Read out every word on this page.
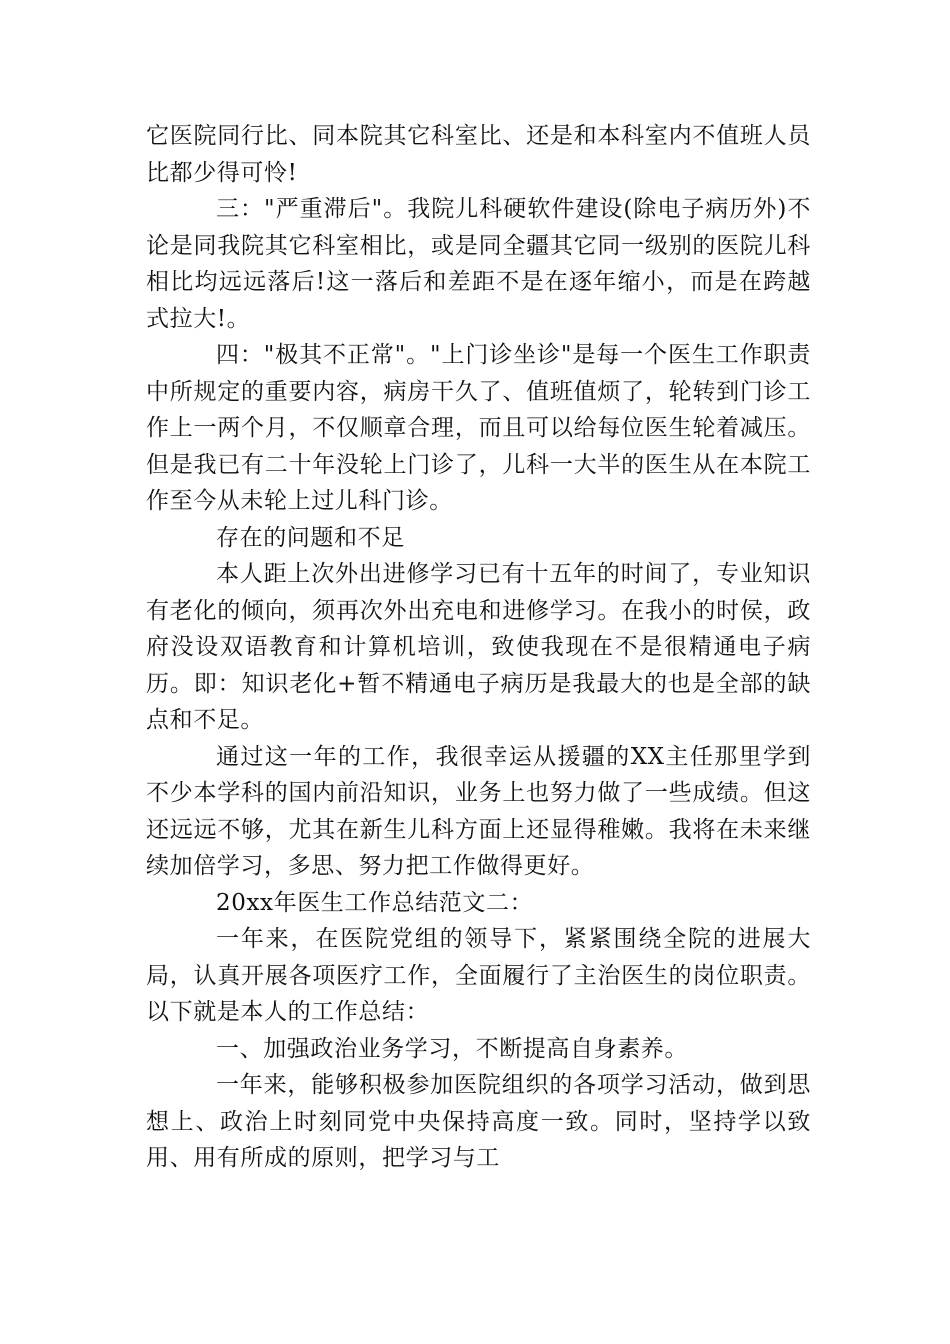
它医院同行比、同本院其它科室比、还是和本科室内不值班人员比都少得可怜!

三："严重滞后"。我院儿科硬软件建设(除电子病历外)不论是同我院其它科室相比，或是同全疆其它同一级别的医院儿科相比均远远落后!这一落后和差距不是在逐年缩小，而是在跨越式拉大!。

四："极其不正常"。"上门诊坐诊"是每一个医生工作职责中所规定的重要内容，病房干久了、值班值烦了，轮转到门诊工作上一两个月，不仅顺章合理，而且可以给每位医生轮着减压。但是我已有二十年没轮上门诊了，儿科一大半的医生从在本院工作至今从未轮上过儿科门诊。

存在的问题和不足

本人距上次外出进修学习已有十五年的时间了，专业知识有老化的倾向，须再次外出充电和进修学习。在我小的时侯，政府没设双语教育和计算机培训，致使我现在不是很精通电子病历。即：知识老化+暂不精通电子病历是我最大的也是全部的缺点和不足。

通过这一年的工作，我很幸运从援疆的XX主任那里学到不少本学科的国内前沿知识，业务上也努力做了一些成绩。但这还远远不够，尤其在新生儿科方面上还显得稚嫩。我将在未来继续加倍学习，多思、努力把工作做得更好。

20xx年医生工作总结范文二：

一年来，在医院党组的领导下，紧紧围绕全院的进展大局，认真开展各项医疗工作，全面履行了主治医生的岗位职责。以下就是本人的工作总结：

一、加强政治业务学习，不断提高自身素养。

一年来，能够积极参加医院组织的各项学习活动，做到思想上、政治上时刻同党中央保持高度一致。同时，坚持学以致用、用有所成的原则，把学习与工
